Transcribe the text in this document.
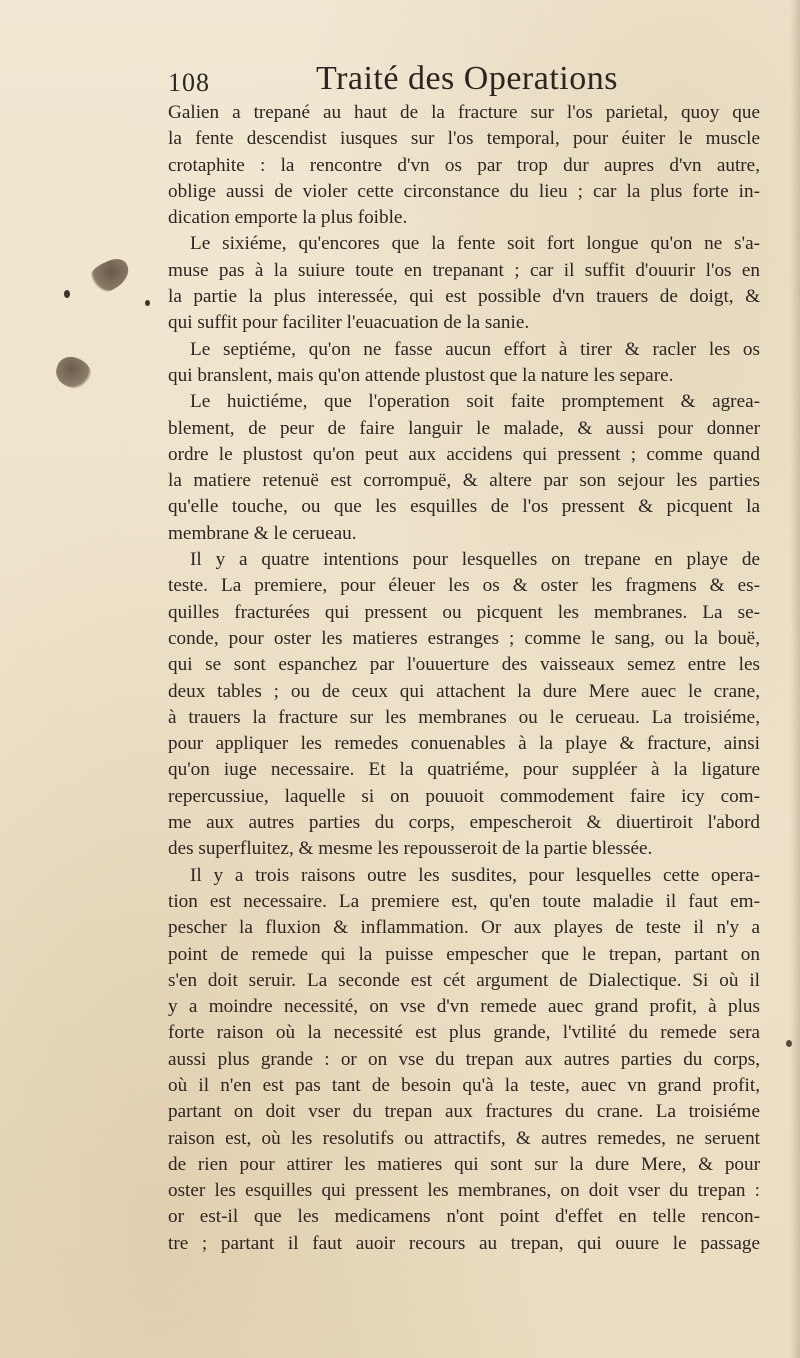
108	Traité des Operations
Galien a trepané au haut de la fracture sur l'os parietal, quoy que
la fente descendist iusques sur l'os temporal, pour éuiter le muscle
crotaphite : la rencontre d'vn os par trop dur aupres d'vn autre,
oblige aussi de violer cette circonstance du lieu ; car la plus forte in-
dication emporte la plus foible.
Le sixiéme, qu'encores que la fente soit fort longue qu'on ne s'a-
muse pas à la suiure toute en trepanant ; car il suffit d'ouurir l'os en
la partie la plus interessée, qui est possible d'vn trauers de doigt, &
qui suffit pour faciliter l'euacuation de la sanie.
Le septiéme, qu'on ne fasse aucun effort à tirer & racler les os
qui branslent, mais qu'on attende plustost que la nature les separe.
Le huictiéme, que l'operation soit faite promptement & agrea-
blement, de peur de faire languir le malade, & aussi pour donner
ordre le plustost qu'on peut aux accidens qui pressent ; comme quand
la matiere retenuë est corrompuë, & altere par son sejour les parties
qu'elle touche, ou que les esquilles de l'os pressent & picquent la
membrane & le cerueau.
Il y a quatre intentions pour lesquelles on trepane en playe de
teste. La premiere, pour éleuer les os & oster les fragmens & es-
quilles fracturées qui pressent ou picquent les membranes. La se-
conde, pour oster les matieres estranges ; comme le sang, ou la bouë,
qui se sont espanchez par l'ouuerture des vaisseaux semez entre les
deux tables ; ou de ceux qui attachent la dure Mere auec le crane,
à trauers la fracture sur les membranes ou le cerueau. La troisiéme,
pour appliquer les remedes conuenables à la playe & fracture, ainsi
qu'on iuge necessaire. Et la quatriéme, pour suppléer à la ligature
repercussiue, laquelle si on pouuoit commodement faire icy com-
me aux autres parties du corps, empescheroit & diuertiroit l'abord
des superfluitez, & mesme les repousseroit de la partie blessée.
Il y a trois raisons outre les susdites, pour lesquelles cette opera-
tion est necessaire. La premiere est, qu'en toute maladie il faut em-
pescher la fluxion & inflammation. Or aux playes de teste il n'y a
point de remede qui la puisse empescher que le trepan, partant on
s'en doit seruir. La seconde est cét argument de Dialectique. Si où il
y a moindre necessité, on vse d'vn remede auec grand profit, à plus
forte raison où la necessité est plus grande, l'vtilité du remede sera
aussi plus grande : or on vse du trepan aux autres parties du corps,
où il n'en est pas tant de besoin qu'à la teste, auec vn grand profit,
partant on doit vser du trepan aux fractures du crane. La troisiéme
raison est, où les resolutifs ou attractifs, & autres remedes, ne seruent
de rien pour attirer les matieres qui sont sur la dure Mere, & pour
oster les esquilles qui pressent les membranes, on doit vser du trepan :
or est-il que les medicamens n'ont point d'effet en telle rencon-
tre ; partant il faut auoir recours au trepan, qui ouure le passage
